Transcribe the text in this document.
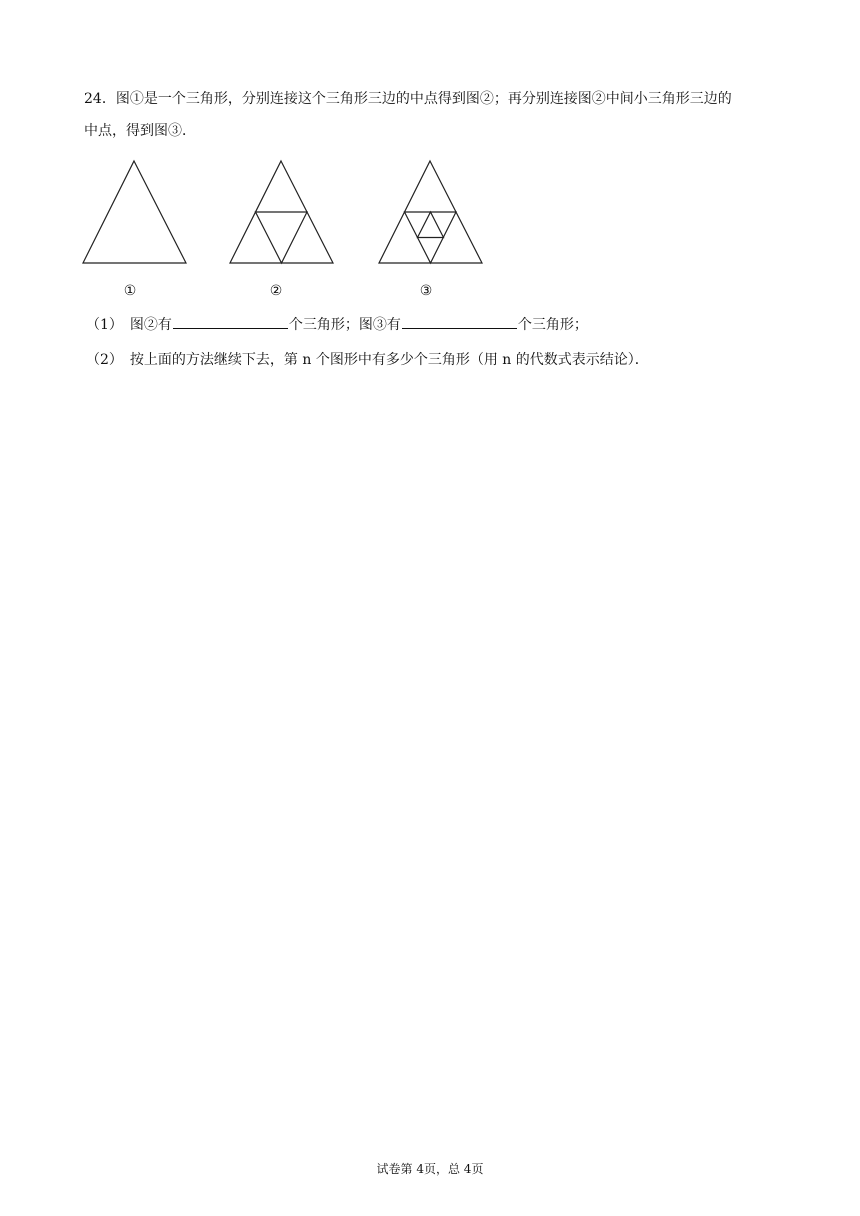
24．图①是一个三角形，分别连接这个三角形三边的中点得到图②；再分别连接图②中间小三角形三边的
中点，得到图③．
①	②	③
（1）　图②有	个三角形；图③有	个三角形；
（2）　按上面的方法继续下去，第 n 个图形中有多少个三角形（用 n 的代数式表示结论）．
试卷第 4页，总 4页
